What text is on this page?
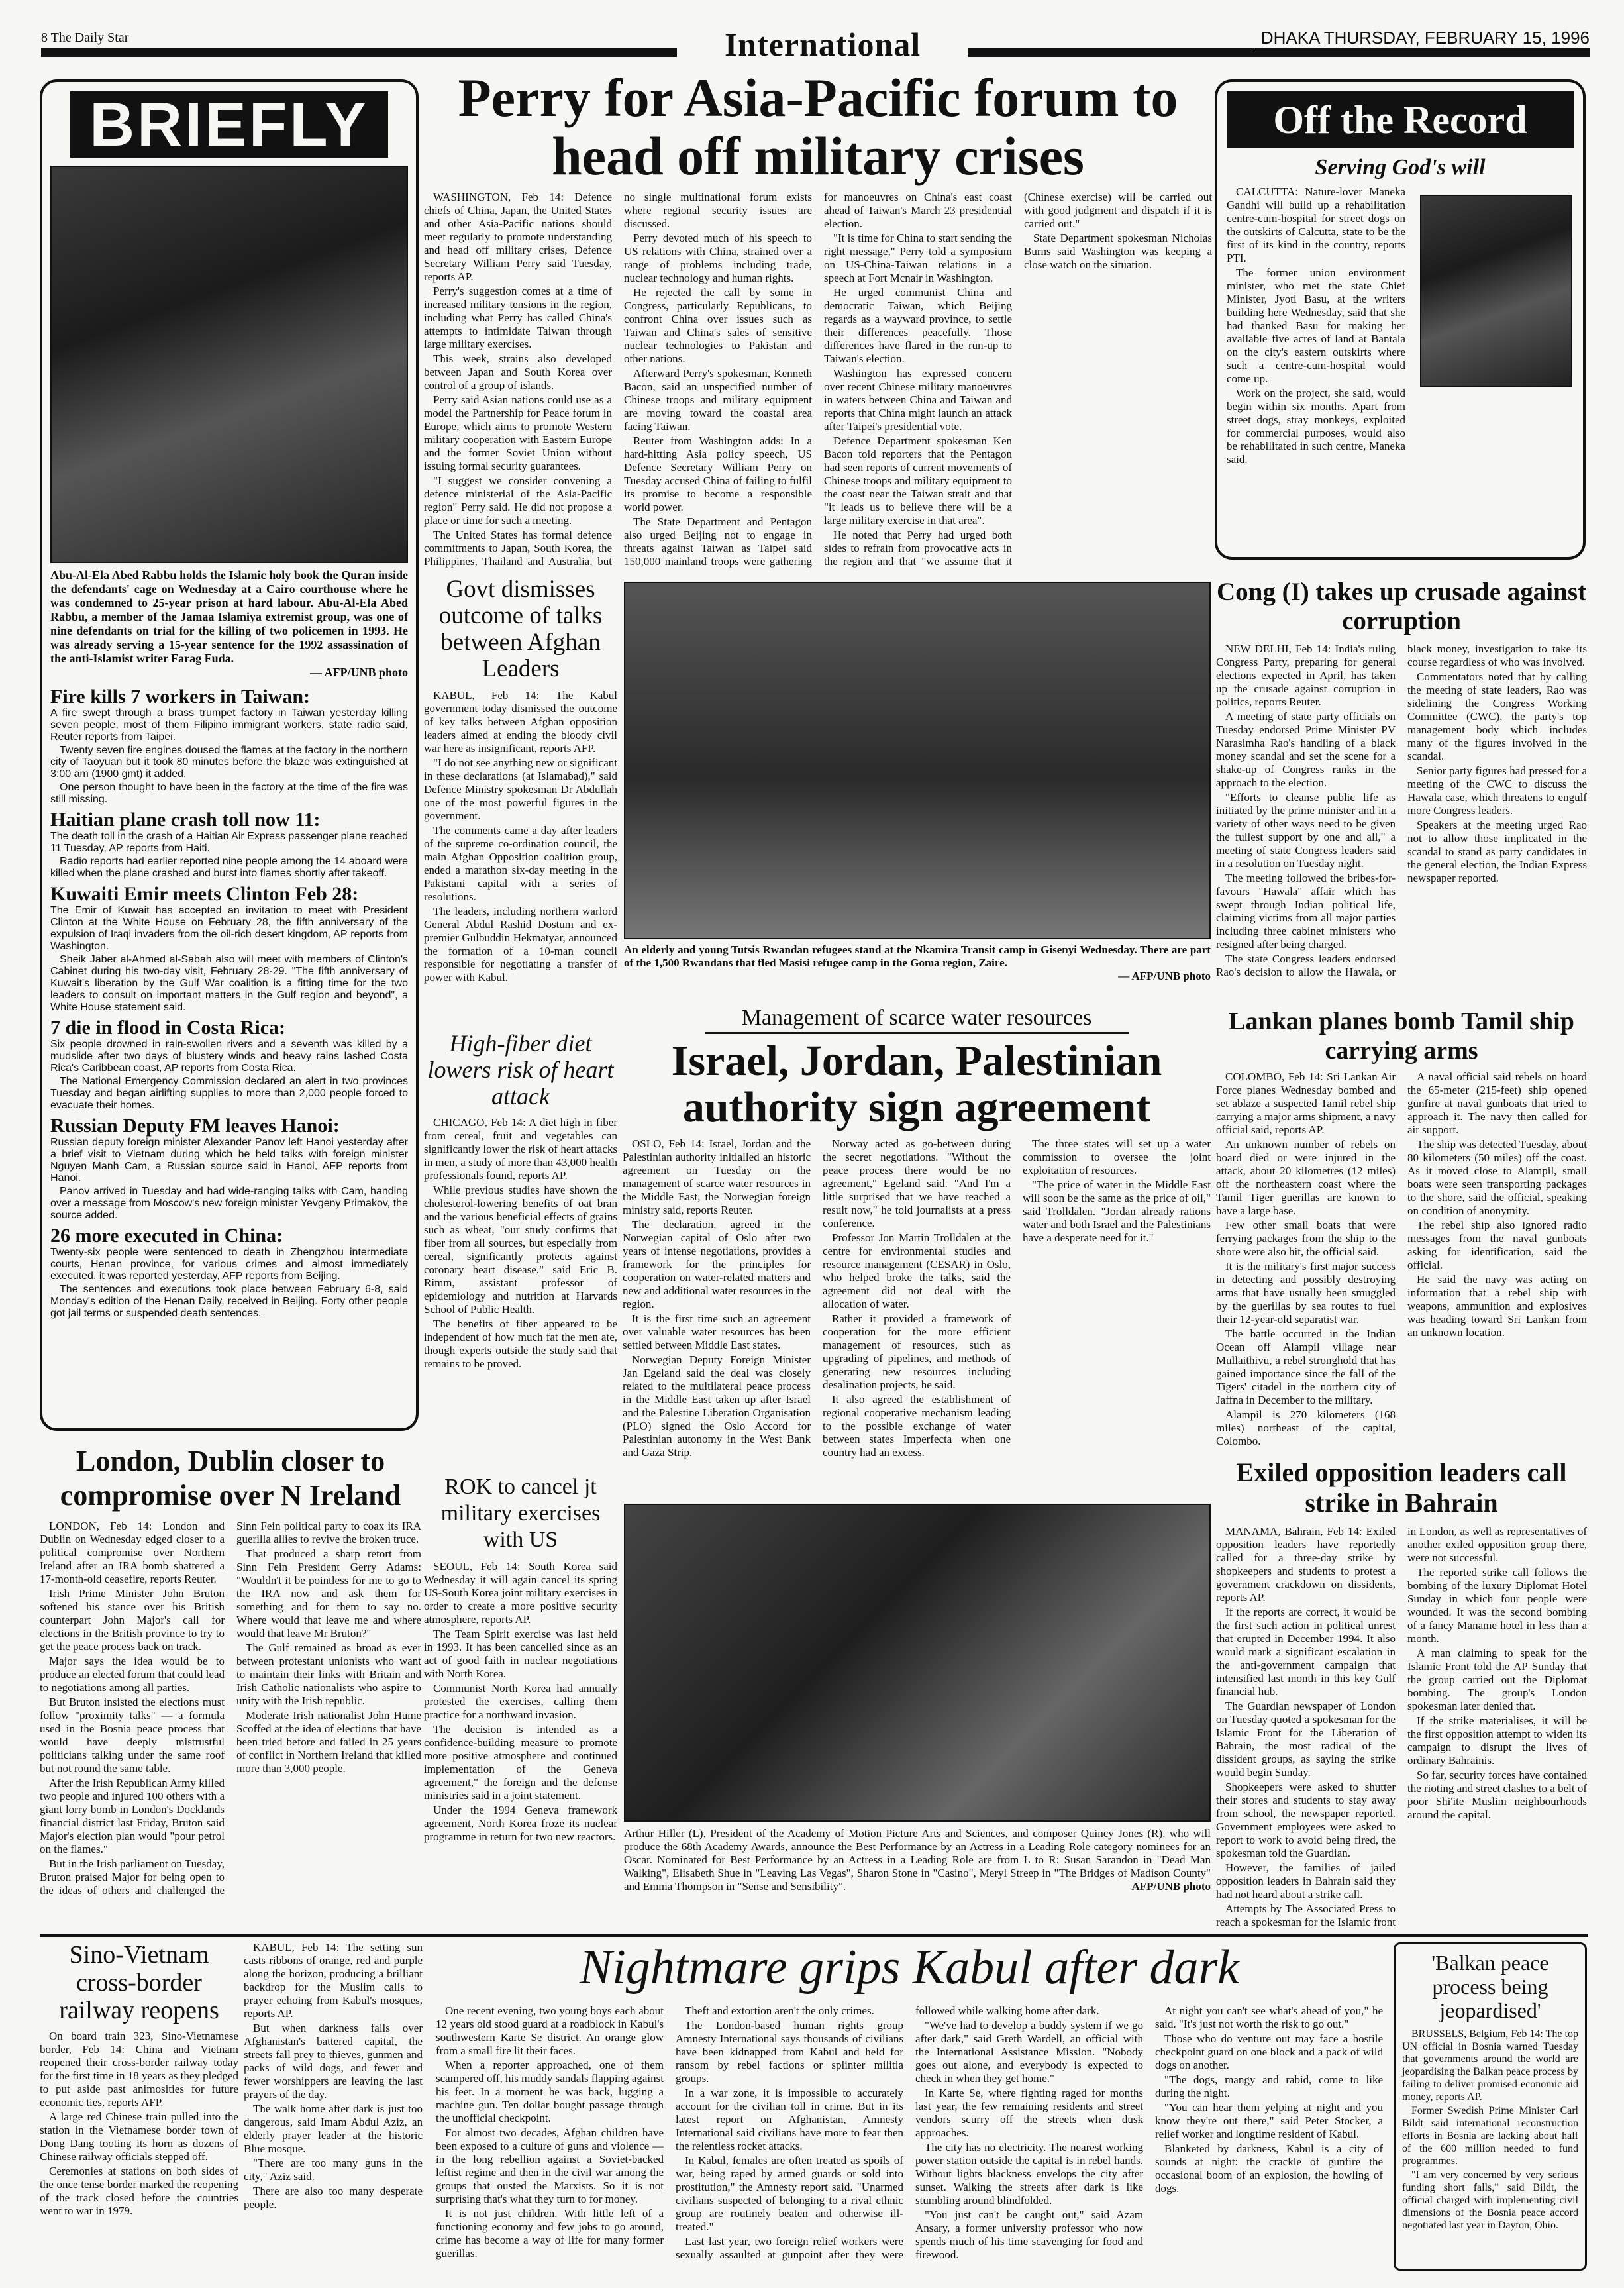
8 The Daily Star	International	DHAKA THURSDAY, FEBRUARY 15, 1996
BRIEFLY
Abu-Al-Ela Abed Rabbu holds the Islamic holy book the Quran inside the defendants' cage on Wednesday at a Cairo courthouse where he was condemned to 25-year prison at hard labour. Abu-Al-Ela Abed Rabbu, a member of the Jamaa Islamiya extremist group, was one of nine defendants on trial for the killing of two policemen in 1993. He was already serving a 15-year sentence for the 1992 assassination of the anti-Islamist writer Farag Fuda.
— AFP/UNB photo
Fire kills 7 workers in Taiwan:

A fire swept through a brass trumpet factory in Taiwan yesterday killing seven people, most of them Filipino immigrant workers, state radio said, Reuter reports from Taipei.

Twenty seven fire engines doused the flames at the factory in the northern city of Taoyuan but it took 80 minutes before the blaze was extinguished at 3:00 am (1900 gmt) it added.

One person thought to have been in the factory at the time of the fire was still missing.

Haitian plane crash toll now 11:

The death toll in the crash of a Haitian Air Express passenger plane reached 11 Tuesday, AP reports from Haiti.

Radio reports had earlier reported nine people among the 14 aboard were killed when the plane crashed and burst into flames shortly after takeoff.

Kuwaiti Emir meets Clinton Feb 28:

The Emir of Kuwait has accepted an invitation to meet with President Clinton at the White House on February 28, the fifth anniversary of the expulsion of Iraqi invaders from the oil-rich desert kingdom, AP reports from Washington.

Sheik Jaber al-Ahmed al-Sabah also will meet with members of Clinton's Cabinet during his two-day visit, February 28-29. "The fifth anniversary of Kuwait's liberation by the Gulf War coalition is a fitting time for the two leaders to consult on important matters in the Gulf region and beyond", a White House statement said.

7 die in flood in Costa Rica:

Six people drowned in rain-swollen rivers and a seventh was killed by a mudslide after two days of blustery winds and heavy rains lashed Costa Rica's Caribbean coast, AP reports from Costa Rica.

The National Emergency Commission declared an alert in two provinces Tuesday and began airlifting supplies to more than 2,000 people forced to evacuate their homes.

Russian Deputy FM leaves Hanoi:

Russian deputy foreign minister Alexander Panov left Hanoi yesterday after a brief visit to Vietnam during which he held talks with foreign minister Nguyen Manh Cam, a Russian source said in Hanoi, AFP reports from Hanoi.

Panov arrived in Tuesday and had wide-ranging talks with Cam, handing over a message from Moscow's new foreign minister Yevgeny Primakov, the source added.

26 more executed in China:

Twenty-six people were sentenced to death in Zhengzhou intermediate courts, Henan province, for various crimes and almost immediately executed, it was reported yesterday, AFP reports from Beijing.

The sentences and executions took place between February 6-8, said Monday's edition of the Henan Daily, received in Beijing. Forty other people got jail terms or suspended death sentences.

Perry for Asia-Pacific forum to head off military crises

WASHINGTON, Feb 14: Defence chiefs of China, Japan, the United States and other Asia-Pacific nations should meet regularly to promote understanding and head off military crises, Defence Secretary William Perry said Tuesday, reports AP.

Perry's suggestion comes at a time of increased military tensions in the region, including what Perry has called China's attempts to intimidate Taiwan through large military exercises.

This week, strains also developed between Japan and South Korea over control of a group of islands.

Perry said Asian nations could use as a model the Partnership for Peace forum in Europe, which aims to promote Western military cooperation with Eastern Europe and the former Soviet Union without issuing formal security guarantees.

"I suggest we consider convening a defence ministerial of the Asia-Pacific region" Perry said. He did not propose a place or time for such a meeting.

The United States has formal defence commitments to Japan, South Korea, the Philippines, Thailand and Australia, but no single multinational forum exists where regional security issues are discussed.

Perry devoted much of his speech to US relations with China, strained over a range of problems including trade, nuclear technology and human rights.

He rejected the call by some in Congress, particularly Republicans, to confront China over issues such as Taiwan and China's sales of sensitive nuclear technologies to Pakistan and other nations.

Afterward Perry's spokesman, Kenneth Bacon, said an unspecified number of Chinese troops and military equipment are moving toward the coastal area facing Taiwan.

Reuter from Washington adds: In a hard-hitting Asia policy speech, US Defence Secretary William Perry on Tuesday accused China of failing to fulfil its promise to become a responsible world power.

The State Department and Pentagon also urged Beijing not to engage in threats against Taiwan as Taipei said 150,000 mainland troops were gathering for manoeuvres on China's east coast ahead of Taiwan's March 23 presidential election.

"It is time for China to start sending the right message," Perry told a symposium on US-China-Taiwan relations in a speech at Fort Mcnair in Washington.

He urged communist China and democratic Taiwan, which Beijing regards as a wayward province, to settle their differences peacefully. Those differences have flared in the run-up to Taiwan's election.

Washington has expressed concern over recent Chinese military manoeuvres in waters between China and Taiwan and reports that China might launch an attack after Taipei's presidential vote.

Defence Department spokesman Ken Bacon told reporters that the Pentagon had seen reports of current movements of Chinese troops and military equipment to the coast near the Taiwan strait and that "it leads us to believe there will be a large military exercise in that area".

He noted that Perry had urged both sides to refrain from provocative acts in the region and that "we assume that it (Chinese exercise) will be carried out with good judgment and dispatch if it is carried out."

State Department spokesman Nicholas Burns said Washington was keeping a close watch on the situation.

Off the Record
Serving God's will

CALCUTTA: Nature-lover Maneka Gandhi will build up a rehabilitation centre-cum-hospital for street dogs on the outskirts of Calcutta, state to be the first of its kind in the country, reports PTI.

The former union environment minister, who met the state Chief Minister, Jyoti Basu, at the writers building here Wednesday, said that she had thanked Basu for making her available five acres of land at Bantala on the city's eastern outskirts where such a centre-cum-hospital would come up.

Work on the project, she said, would begin within six months. Apart from street dogs, stray monkeys, exploited for commercial purposes, would also be rehabilitated in such centre, Maneka said.

Govt dismisses outcome of talks between Afghan Leaders

KABUL, Feb 14: The Kabul government today dismissed the outcome of key talks between Afghan opposition leaders aimed at ending the bloody civil war here as insignificant, reports AFP.

"I do not see anything new or significant in these declarations (at Islamabad)," said Defence Ministry spokesman Dr Abdullah one of the most powerful figures in the government.

The comments came a day after leaders of the supreme co-ordination council, the main Afghan Opposition coalition group, ended a marathon six-day meeting in the Pakistani capital with a series of resolutions.

The leaders, including northern warlord General Abdul Rashid Dostum and ex-premier Gulbuddin Hekmatyar, announced the formation of a 10-man council responsible for negotiating a transfer of power with Kabul.

An elderly and young Tutsis Rwandan refugees stand at the Nkamira Transit camp in Gisenyi Wednesday. There are part of the 1,500 Rwandans that fled Masisi refugee camp in the Goma region, Zaire.
— AFP/UNB photo
Cong (I) takes up crusade against corruption

NEW DELHI, Feb 14: India's ruling Congress Party, preparing for general elections expected in April, has taken up the crusade against corruption in politics, reports Reuter.

A meeting of state party officials on Tuesday endorsed Prime Minister PV Narasimha Rao's handling of a black money scandal and set the scene for a shake-up of Congress ranks in the approach to the election.

"Efforts to cleanse public life as initiated by the prime minister and in a variety of other ways need to be given the fullest support by one and all," a meeting of state Congress leaders said in a resolution on Tuesday night.

The meeting followed the bribes-for-favours "Hawala" affair which has swept through Indian political life, claiming victims from all major parties including three cabinet ministers who resigned after being charged.

The state Congress leaders endorsed Rao's decision to allow the Hawala, or black money, investigation to take its course regardless of who was involved.

Commentators noted that by calling the meeting of state leaders, Rao was sidelining the Congress Working Committee (CWC), the party's top management body which includes many of the figures involved in the scandal.

Senior party figures had pressed for a meeting of the CWC to discuss the Hawala case, which threatens to engulf more Congress leaders.

Speakers at the meeting urged Rao not to allow those implicated in the scandal to stand as party candidates in the general election, the Indian Express newspaper reported.

High-fiber diet lowers risk of heart attack

CHICAGO, Feb 14: A diet high in fiber from cereal, fruit and vegetables can significantly lower the risk of heart attacks in men, a study of more than 43,000 health professionals found, reports AP.

While previous studies have shown the cholesterol-lowering benefits of oat bran and the various beneficial effects of grains such as wheat, "our study confirms that fiber from all sources, but especially from cereal, significantly protects against coronary heart disease," said Eric B. Rimm, assistant professor of epidemiology and nutrition at Harvards School of Public Health.

The benefits of fiber appeared to be independent of how much fat the men ate, though experts outside the study said that remains to be proved.

Management of scarce water resources
Israel, Jordan, Palestinian authority sign agreement

OSLO, Feb 14: Israel, Jordan and the Palestinian authority initialled an historic agreement on Tuesday on the management of scarce water resources in the Middle East, the Norwegian foreign ministry said, reports Reuter.

The declaration, agreed in the Norwegian capital of Oslo after two years of intense negotiations, provides a framework for the principles for cooperation on water-related matters and new and additional water resources in the region.

It is the first time such an agreement over valuable water resources has been settled between Middle East states.

Norwegian Deputy Foreign Minister Jan Egeland said the deal was closely related to the multilateral peace process in the Middle East taken up after Israel and the Palestine Liberation Organisation (PLO) signed the Oslo Accord for Palestinian autonomy in the West Bank and Gaza Strip.

Norway acted as go-between during the secret negotiations. "Without the peace process there would be no agreement," Egeland said. "And I'm a little surprised that we have reached a result now," he told journalists at a press conference.

Professor Jon Martin Trolldalen at the centre for environmental studies and resource management (CESAR) in Oslo, who helped broke the talks, said the agreement did not deal with the allocation of water.

Rather it provided a framework of cooperation for the more efficient management of resources, such as upgrading of pipelines, and methods of generating new resources including desalination projects, he said.

It also agreed the establishment of regional cooperative mechanism leading to the possible exchange of water between states Imperfecta when one country had an excess.

The three states will set up a water commission to oversee the joint exploitation of resources.

"The price of water in the Middle East will soon be the same as the price of oil," said Trolldalen. "Jordan already rations water and both Israel and the Palestinians have a desperate need for it."

Lankan planes bomb Tamil ship carrying arms

COLOMBO, Feb 14: Sri Lankan Air Force planes Wednesday bombed and set ablaze a suspected Tamil rebel ship carrying a major arms shipment, a navy official said, reports AP.

An unknown number of rebels on board died or were injured in the attack, about 20 kilometres (12 miles) off the northeastern coast where the Tamil Tiger guerillas are known to have a large base.

Few other small boats that were ferrying packages from the ship to the shore were also hit, the official said.

It is the military's first major success in detecting and possibly destroying arms that have usually been smuggled by the guerillas by sea routes to fuel their 12-year-old separatist war.

The battle occurred in the Indian Ocean off Alampil village near Mullaithivu, a rebel stronghold that has gained importance since the fall of the Tigers' citadel in the northern city of Jaffna in December to the military.

Alampil is 270 kilometers (168 miles) northeast of the capital, Colombo.

A naval official said rebels on board the 65-meter (215-feet) ship opened gunfire at naval gunboats that tried to approach it. The navy then called for air support.

The ship was detected Tuesday, about 80 kilometers (50 miles) off the coast. As it moved close to Alampil, small boats were seen transporting packages to the shore, said the official, speaking on condition of anonymity.

The rebel ship also ignored radio messages from the naval gunboats asking for identification, said the official.

He said the navy was acting on information that a rebel ship with weapons, ammunition and explosives was heading toward Sri Lankan from an unknown location.

London, Dublin closer to compromise over N Ireland

LONDON, Feb 14: London and Dublin on Wednesday edged closer to a political compromise over Northern Ireland after an IRA bomb shattered a 17-month-old ceasefire, reports Reuter.

Irish Prime Minister John Bruton softened his stance over his British counterpart John Major's call for elections in the British province to try to get the peace process back on track.

Major says the idea would be to produce an elected forum that could lead to negotiations among all parties.

But Bruton insisted the elections must follow "proximity talks" — a formula used in the Bosnia peace process that would have deeply mistrustful politicians talking under the same roof but not round the same table.

After the Irish Republican Army killed two people and injured 100 others with a giant lorry bomb in London's Docklands financial district last Friday, Bruton said Major's election plan would "pour petrol on the flames."

But in the Irish parliament on Tuesday, Bruton praised Major for being open to the ideas of others and challenged the Sinn Fein political party to coax its IRA guerilla allies to revive the broken truce.

That produced a sharp retort from Sinn Fein President Gerry Adams: "Wouldn't it be pointless for me to go to the IRA now and ask them for something and for them to say no. Where would that leave me and where would that leave Mr Bruton?"

The Gulf remained as broad as ever between protestant unionists who want to maintain their links with Britain and Irish Catholic nationalists who aspire to unity with the Irish republic.

Moderate Irish nationalist John Hume Scoffed at the idea of elections that have been tried before and failed in 25 years of conflict in Northern Ireland that killed more than 3,000 people.

ROK to cancel jt military exercises with US

SEOUL, Feb 14: South Korea said Wednesday it will again cancel its spring US-South Korea joint military exercises in order to create a more positive security atmosphere, reports AP.

The Team Spirit exercise was last held in 1993. It has been cancelled since as an act of good faith in nuclear negotiations with North Korea.

Communist North Korea had annually protested the exercises, calling them practice for a northward invasion.

The decision is intended as a confidence-building measure to promote more positive atmosphere and continued implementation of the Geneva agreement," the foreign and the defense ministries said in a joint statement.

Under the 1994 Geneva framework agreement, North Korea froze its nuclear programme in return for two new reactors. Arthur Hiller (L), President of the Academy of Motion Picture Arts and Sciences, and composer Quincy Jones (R), who will produce the 68th Academy Awards, announce the Best Performance by an Actress in a Leading Role category nominees for an Oscar. Nominated for Best Performance by an Actress in a Leading Role are from L to R: Susan Sarandon in "Dead Man Walking", Elisabeth Shue in "Leaving Las Vegas", Sharon Stone in "Casino", Meryl Streep in "The Bridges of Madison County" and Emma Thompson in "Sense and Sensibility".	AFP/UNB photo
Exiled opposition leaders call strike in Bahrain

MANAMA, Bahrain, Feb 14: Exiled opposition leaders have reportedly called for a three-day strike by shopkeepers and students to protest a government crackdown on dissidents, reports AP.

If the reports are correct, it would be the first such action in political unrest that erupted in December 1994. It also would mark a significant escalation in the anti-government campaign that intensified last month in this key Gulf financial hub.

The Guardian newspaper of London on Tuesday quoted a spokesman for the Islamic Front for the Liberation of Bahrain, the most radical of the dissident groups, as saying the strike would begin Sunday.

Shopkeepers were asked to shutter their stores and students to stay away from school, the newspaper reported. Government employees were asked to report to work to avoid being fired, the spokesman told the Guardian.

However, the families of jailed opposition leaders in Bahrain said they had not heard about a strike call.

Attempts by The Associated Press to reach a spokesman for the Islamic front in London, as well as representatives of another exiled opposition group there, were not successful.

The reported strike call follows the bombing of the luxury Diplomat Hotel Sunday in which four people were wounded. It was the second bombing of a fancy Maname hotel in less than a month.

A man claiming to speak for the Islamic Front told the AP Sunday that the group carried out the Diplomat bombing. The group's London spokesman later denied that.

If the strike materialises, it will be the first opposition attempt to widen its campaign to disrupt the lives of ordinary Bahrainis.

So far, security forces have contained the rioting and street clashes to a belt of poor Shi'ite Muslim neighbourhoods around the capital.

Sino-Vietnam cross-border railway reopens

On board train 323, Sino-Vietnamese border, Feb 14: China and Vietnam reopened their cross-border railway today for the first time in 18 years as they pledged to put aside past animosities for future economic ties, reports AFP.

A large red Chinese train pulled into the station in the Vietnamese border town of Dong Dang tooting its horn as dozens of Chinese railway officials stepped off.

Ceremonies at stations on both sides of the once tense border marked the reopening of the track closed before the countries went to war in 1979.

KABUL, Feb 14: The setting sun casts ribbons of orange, red and purple along the horizon, producing a brilliant backdrop for the Muslim calls to prayer echoing from Kabul's mosques, reports AP.

But when darkness falls over Afghanistan's battered capital, the streets fall prey to thieves, gunmen and packs of wild dogs, and fewer and fewer worshippers are leaving the last prayers of the day.

The walk home after dark is just too dangerous, said Imam Abdul Aziz, an elderly prayer leader at the historic Blue mosque.

"There are too many guns in the city," Aziz said.

There are also too many desperate people.

Nightmare grips Kabul after dark

One recent evening, two young boys each about 12 years old stood guard at a roadblock in Kabul's southwestern Karte Se district. An orange glow from a small fire lit their faces.

When a reporter approached, one of them scampered off, his muddy sandals flapping against his feet. In a moment he was back, lugging a machine gun. Ten dollar bought passage through the unofficial checkpoint.

For almost two decades, Afghan children have been exposed to a culture of guns and violence — in the long rebellion against a Soviet-backed leftist regime and then in the civil war among the groups that ousted the Marxists. So it is not surprising that's what they turn to for money.

It is not just children. With little left of a functioning economy and few jobs to go around, crime has become a way of life for many former guerillas.

Theft and extortion aren't the only crimes.

The London-based human rights group Amnesty International says thousands of civilians have been kidnapped from Kabul and held for ransom by rebel factions or splinter militia groups.

In a war zone, it is impossible to accurately account for the civilian toll in crime. But in its latest report on Afghanistan, Amnesty International said civilians have more to fear then the relentless rocket attacks.

In Kabul, females are often treated as spoils of war, being raped by armed guards or sold into prostitution," the Amnesty report said. "Unarmed civilians suspected of belonging to a rival ethnic group are routinely beaten and otherwise ill-treated."

Last last year, two foreign relief workers were sexually assaulted at gunpoint after they were followed while walking home after dark.

"We've had to develop a buddy system if we go after dark," said Greth Wardell, an official with the International Assistance Mission. "Nobody goes out alone, and everybody is expected to check in when they get home."

In Karte Se, where fighting raged for months last year, the few remaining residents and street vendors scurry off the streets when dusk approaches.

The city has no electricity. The nearest working power station outside the capital is in rebel hands. Without lights blackness envelops the city after sunset. Walking the streets after dark is like stumbling around blindfolded.

"You just can't be caught out," said Azam Ansary, a former university professor who now spends much of his time scavenging for food and firewood.

At night you can't see what's ahead of you," he said. "It's just not worth the risk to go out."

Those who do venture out may face a hostile checkpoint guard on one block and a pack of wild dogs on another.

"The dogs, mangy and rabid, come to like during the night.

"You can hear them yelping at night and you know they're out there," said Peter Stocker, a relief worker and longtime resident of Kabul.

Blanketed by darkness, Kabul is a city of sounds at night: the crackle of gunfire the occasional boom of an explosion, the howling of dogs.

'Balkan peace process being jeopardised'

BRUSSELS, Belgium, Feb 14: The top UN official in Bosnia warned Tuesday that governments around the world are jeopardising the Balkan peace process by failing to deliver promised economic aid money, reports AP.

Former Swedish Prime Minister Carl Bildt said international reconstruction efforts in Bosnia are lacking about half of the 600 million needed to fund programmes.

"I am very concerned by very serious funding short falls," said Bildt, the official charged with implementing civil dimensions of the Bosnia peace accord negotiated last year in Dayton, Ohio.
